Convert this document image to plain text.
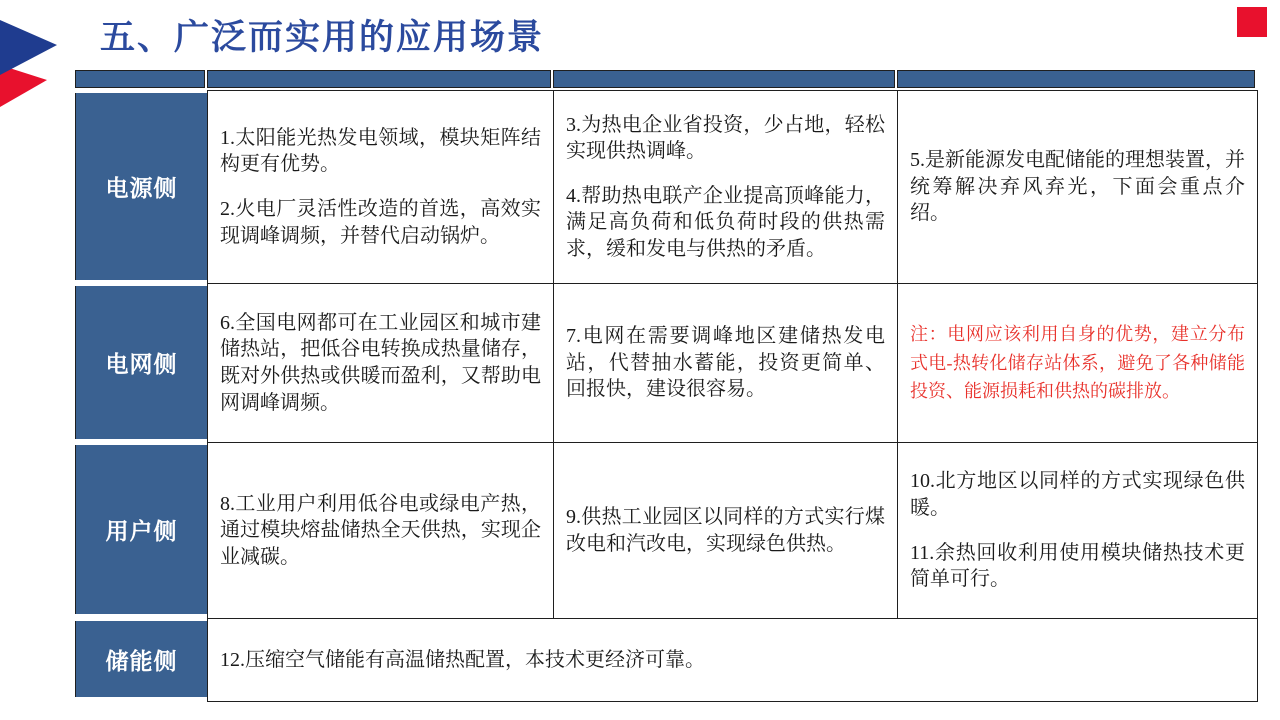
五、广泛而实用的应用场景
电源侧
电网侧
用户侧
储能侧

1.太阳能光热发电领域，模块矩阵结构更有优势。

2.火电厂灵活性改造的首选，高效实现调峰调频，并替代启动锅炉。

3.为热电企业省投资，少占地，轻松实现供热调峰。

4.帮助热电联产企业提高顶峰能力，满足高负荷和低负荷时段的供热需求，缓和发电与供热的矛盾。

5.是新能源发电配储能的理想装置，并统筹解决弃风弃光，下面会重点介绍。

6.全国电网都可在工业园区和城市建储热站，把低谷电转换成热量储存，既对外供热或供暖而盈利，又帮助电网调峰调频。

7.电网在需要调峰地区建储热发电站，代替抽水蓄能，投资更简单、回报快，建设很容易。

注：电网应该利用自身的优势，建立分布式电-热转化储存站体系，避免了各种储能投资、能源损耗和供热的碳排放。

8.工业用户利用低谷电或绿电产热，通过模块熔盐储热全天供热，实现企业减碳。

9.供热工业园区以同样的方式实行煤改电和汽改电，实现绿色供热。

10.北方地区以同样的方式实现绿色供暖。

11.余热回收利用使用模块储热技术更简单可行。

12.压缩空气储能有高温储热配置，本技术更经济可靠。
